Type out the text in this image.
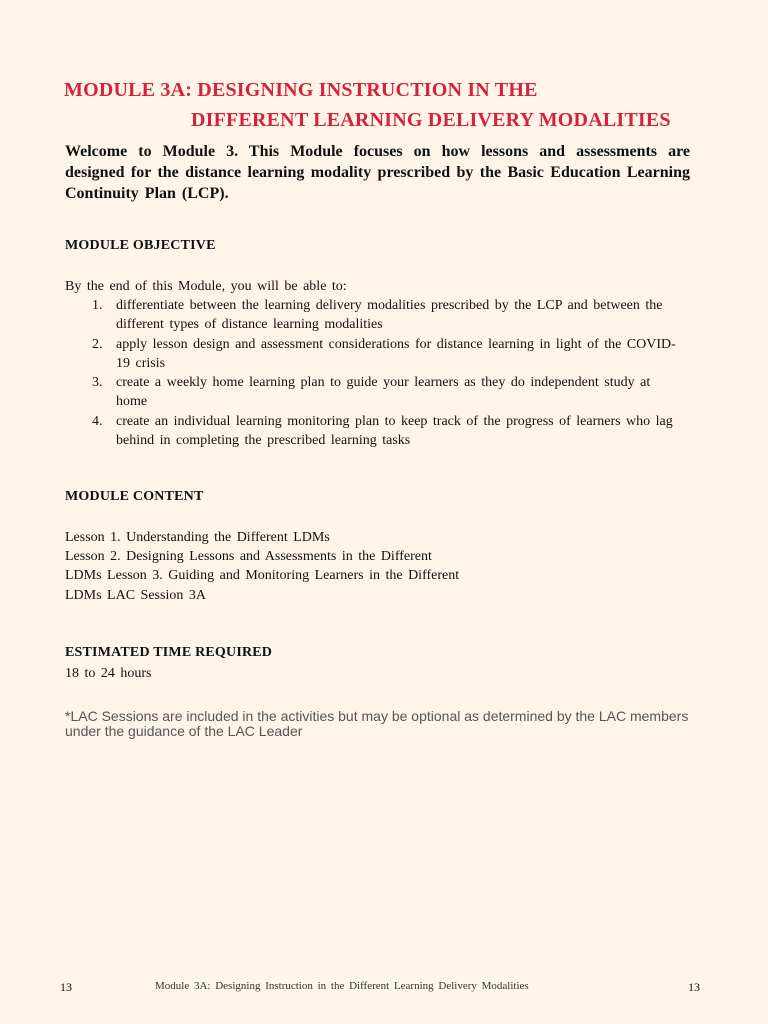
MODULE 3A: DESIGNING INSTRUCTION IN THE
DIFFERENT LEARNING DELIVERY MODALITIES

Welcome to Module 3. This Module focuses on how lessons and assessments are designed for the distance learning modality prescribed by the Basic Education Learning Continuity Plan (LCP).

MODULE OBJECTIVE

By the end of this Module, you will be able to:

1. differentiate between the learning delivery modalities prescribed by the LCP and between the different types of distance learning modalities
2. apply lesson design and assessment considerations for distance learning in light of the COVID-19 crisis
3. create a weekly home learning plan to guide your learners as they do independent study at home
4. create an individual learning monitoring plan to keep track of the progress of learners who lag behind in completing the prescribed learning tasks
MODULE CONTENT
Lesson 1. Understanding the Different LDMs
Lesson 2. Designing Lessons and Assessments in the Different
LDMs Lesson 3. Guiding and Monitoring Learners in the Different
LDMs LAC Session 3A
ESTIMATED TIME REQUIRED

18 to 24 hours

*LAC Sessions are included in the activities but may be optional as determined by the LAC members under the guidance of the LAC Leader

13	Module 3A: Designing Instruction in the Different Learning Delivery Modalities	13
